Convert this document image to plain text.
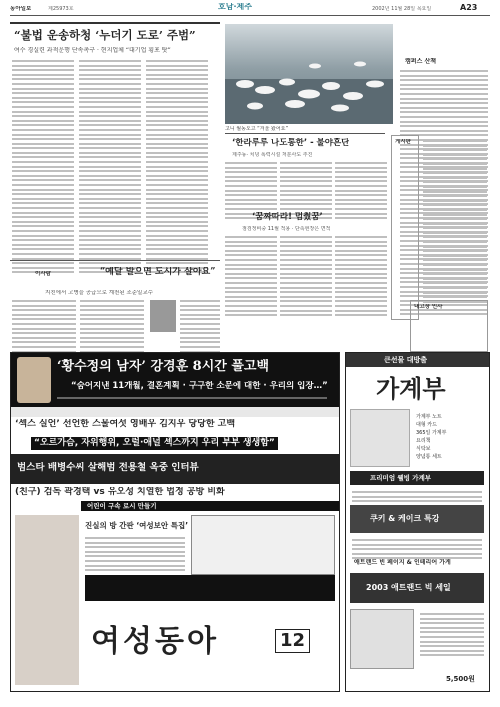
동아일보	제25973호	호남·제주	2002년 11월 28일 목요일	A23
“불법 운송하청 ‘누더기 도로’ 주범”
여수 경실련 과적운행 단속촉구 · 현지업체 “대기업 횡포 탓”
고니 월동오고 “겨울 왔어요”
캠퍼스 산책
‘한라루루 나도통한’ - 불야흔단
제주동· 치녕 폭력시설 처분사도 추진
‘꿈짜따라! 멈췄꿈’
점검정비중 11월 적용 · 단속현장은 면적
게시판
내고장 인사
이사람	“예달 발으면 도시가 살아요”
지친에서 고병을 공급으로 계천된 조준일교수
‘황수정의 남자’ 강경훈 8시간 풀고백
“숨어지낸 11개월, 결혼계획 · 구구한 소문에 대한 · 우리의 입장…”
‘섹스 실언’ 선언한 스물여섯 영배우 김지우 당당한 고백
“오르가슴, 자위행위, 오럴·애널 섹스까지 우리 부부 생생함”
범스타 배병수씨 살해범 전용철 옥중 인터뷰
(친구) 검독 곽경택 vs 유오성 치열한 법정 공방 비화
어린이 구속 로시 만들기
진실의 방 간판 ‘여성보안 특집’
여성동아	12
큰선물 대방출
가계부
가계부 노트
대형 카드
365일 가계부
요리책
식탁보
양념통 세트
프리미엄 웰빙 가계부
쿠키 & 케이크 특강
애트랜드 빈 페이지 & 인테리어 가게
2003 애트랜드 빅 세일
5,500원
